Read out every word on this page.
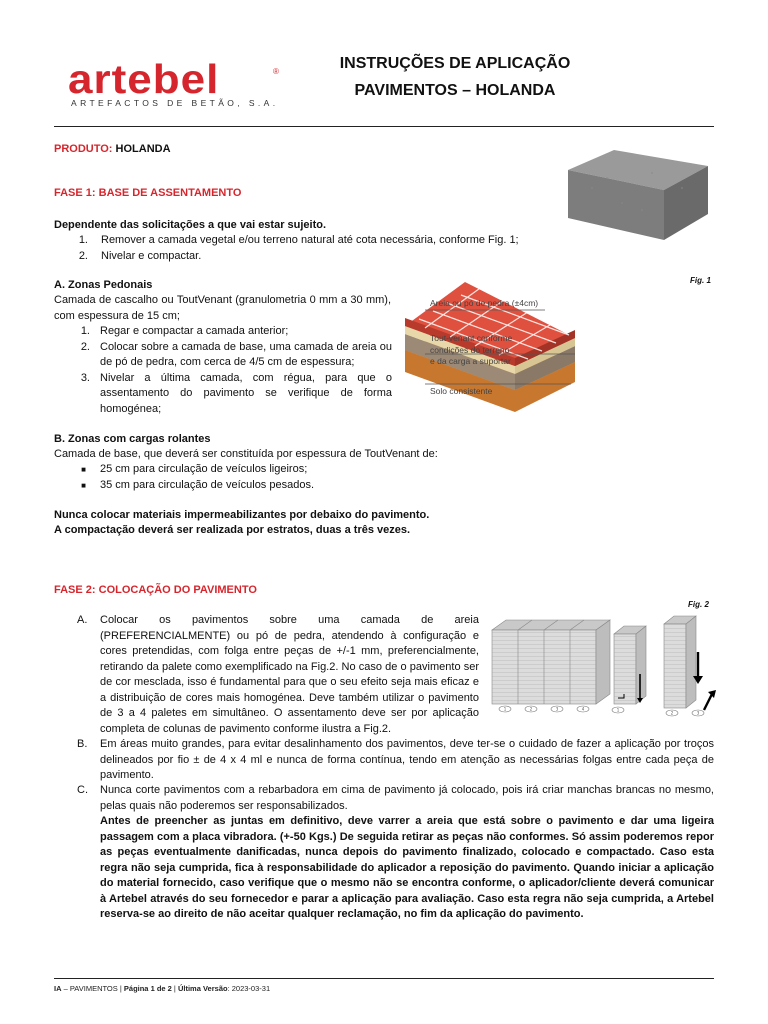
artebel	®
ARTEFACTOS DE BETÃO, S.A.
INSTRUÇÕES DE APLICAÇÃO
PAVIMENTOS – HOLANDA
PRODUTO: HOLANDA
FASE 1: BASE DE ASSENTAMENTO
Dependente das solicitações a que vai estar sujeito.
1.	Remover a camada vegetal e/ou terreno natural até cota necessária, conforme Fig. 1;
2.	Nivelar e compactar.
A. Zonas Pedonais
Camada de cascalho ou ToutVenant (granulometria 0 mm a 30 mm), com espessura de 15 cm;
1. Regar e compactar a camada anterior;
2. Colocar sobre a camada de base, uma camada de areia ou de pó de pedra, com cerca de 4/5 cm de espessura;
3. Nivelar a última camada, com régua, para que o assentamento do pavimento se verifique de forma homogénea;
Fig. 1
Areia ou pó de pedra (±4cm)
Tout-venant conforme
condições do terreno
e da carga a suportar
Solo consistente
B. Zonas com cargas rolantes
Camada de base, que deverá ser constituída por espessura de ToutVenant de:
■	25 cm para circulação de veículos ligeiros;
■	35 cm para circulação de veículos pesados.
Nunca colocar materiais impermeabilizantes por debaixo do pavimento.
A compactação deverá ser realizada por estratos, duas a três vezes.
FASE 2: COLOCAÇÃO DO PAVIMENTO
Fig. 2
1	2	3	4	1
2	3
A.	Colocar os pavimentos sobre uma camada de areia (PREFERENCIALMENTE) ou pó de pedra, atendendo à configuração e cores pretendidas, com folga entre peças de +/-1 mm, preferencialmente, retirando da palete como exemplificado na Fig.2. No caso de o pavimento ser de cor mesclada, isso é fundamental para que o seu efeito seja mais eficaz e a distribuição de cores mais homogénea. Deve também utilizar o pavimento de 3 a 4 paletes em simultâneo. O assentamento deve ser por aplicação completa de colunas de pavimento conforme ilustra a Fig.2.
B.	Em áreas muito grandes, para evitar desalinhamento dos pavimentos, deve ter-se o cuidado de fazer a aplicação por troços delineados por fio ± de 4 x 4 ml e nunca de forma contínua, tendo em atenção as necessárias folgas entre cada peça de pavimento.
C.	Nunca corte pavimentos com a rebarbadora em cima de pavimento já colocado, pois irá criar manchas brancas no mesmo, pelas quais não poderemos ser responsabilizados.
Antes de preencher as juntas em definitivo, deve varrer a areia que está sobre o pavimento e dar uma ligeira passagem com a placa vibradora. (+-50 Kgs.) De seguida retirar as peças não conformes. Só assim poderemos repor as peças eventualmente danificadas, nunca depois do pavimento finalizado, colocado e compactado. Caso esta regra não seja cumprida, fica à responsabilidade do aplicador a reposição do pavimento. Quando iniciar a aplicação do material fornecido, caso verifique que o mesmo não se encontra conforme, o aplicador/cliente deverá comunicar à Artebel através do seu fornecedor e parar a aplicação para avaliação. Caso esta regra não seja cumprida, a Artebel reserva-se ao direito de não aceitar qualquer reclamação, no fim da aplicação do pavimento.
IA – PAVIMENTOS | Página 1 de 2 | Última Versão: 2023-03-31
